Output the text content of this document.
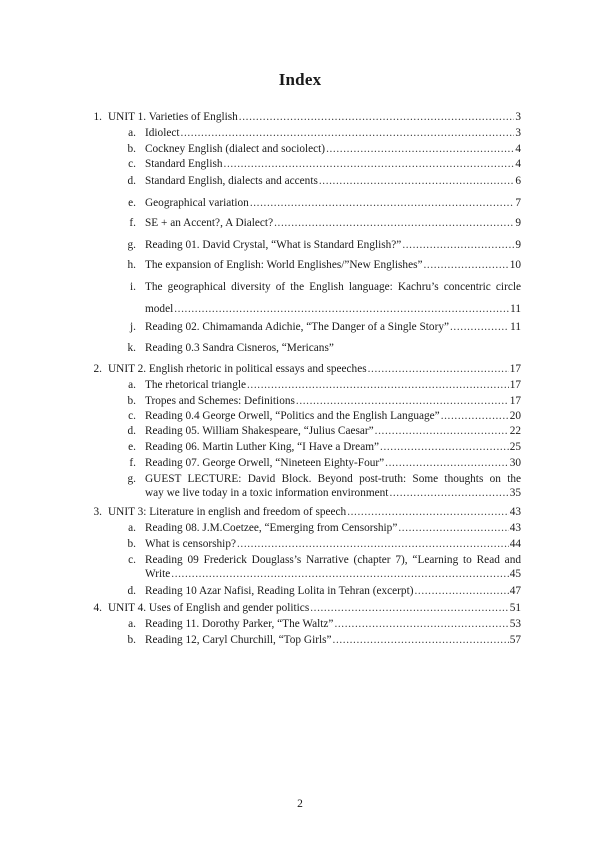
Index
1. UNIT 1. Varieties of English .....	3
a. Idiolect .....	3
b. Cockney English (dialect and sociolect) .....	4
c. Standard English .....	4
d. Standard English, dialects and accents .....	6
e. Geographical variation .....	7
f. SE + an Accent?, A Dialect? .....	9
g. Reading 01. David Crystal, “What is Standard English?” .....	9
h. The expansion of English: World Englishes/”New Englishes” .....	10
i. The geographical diversity of the English language: Kachru’s concentric circle
model .....	11
j. Reading 02. Chimamanda Adichie, “The Danger of a Single Story” .....	11
k. Reading 0.3 Sandra Cisneros, “Mericans”
2. UNIT 2. English rhetoric in political essays and speeches .....	17
a. The rhetorical triangle .....	17
b. Tropes and Schemes: Definitions .....	17
c. Reading 0.4 George Orwell, “Politics and the English Language” .....	20
d. Reading 05. William Shakespeare, “Julius Caesar” .....	22
e. Reading 06. Martin Luther King, “I Have a Dream” .....	25
f. Reading 07. George Orwell, “Nineteen Eighty-Four” .....	30
g. GUEST LECTURE: David Block. Beyond post-truth: Some thoughts on the
way we live today in a toxic information environment .....	35
3. UNIT 3: Literature in english and freedom of speech .....	43
a. Reading 08. J.M.Coetzee, “Emerging from Censorship” .....	43
b. What is censorship? .....	44
c. Reading 09 Frederick Douglass’s Narrative (chapter 7), “Learning to Read and
Write .....	45
d. Reading 10 Azar Nafisi, Reading Lolita in Tehran (excerpt) .....	47
4. UNIT 4. Uses of English and gender politics .....	51
a. Reading 11. Dorothy Parker, “The Waltz” .....	53
b. Reading 12, Caryl Churchill, “Top Girls” .....	57
2
